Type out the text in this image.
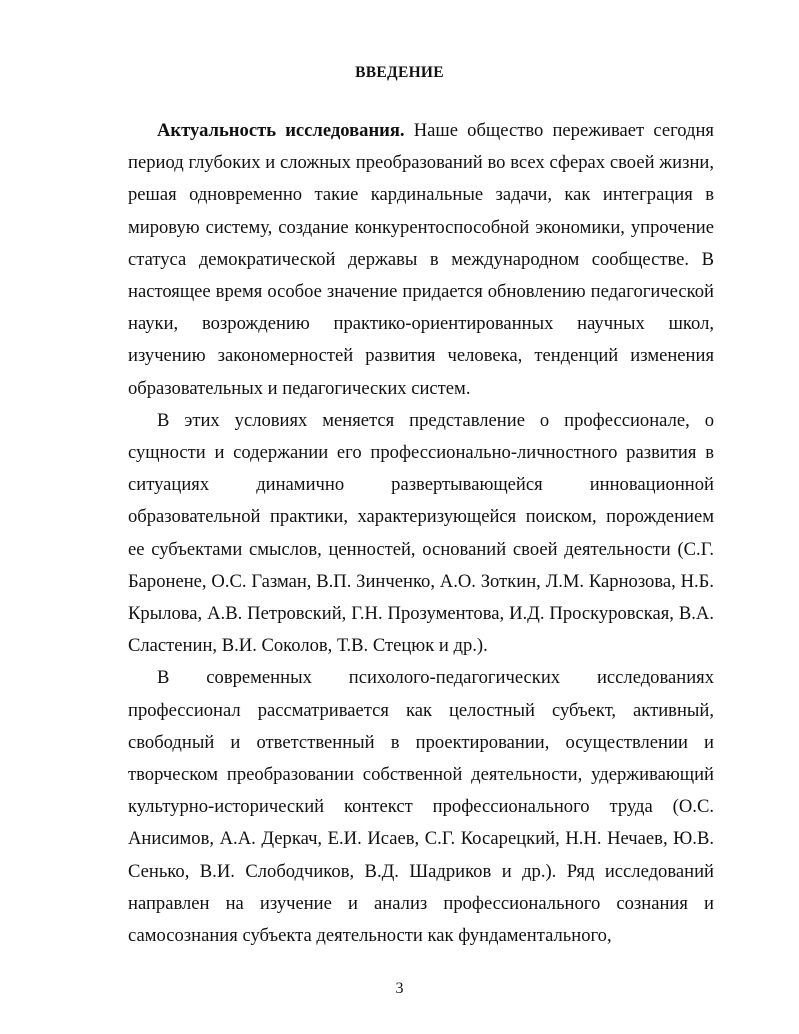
ВВЕДЕНИЕ

Актуальность исследования. Наше общество переживает сегодня период глубоких и сложных преобразований во всех сферах своей жизни, решая одновременно такие кардинальные задачи, как интеграция в мировую систему, создание конкурентоспособной экономики, упрочение статуса демократической державы в международном сообществе. В настоящее время особое значение придается обновлению педагогической науки, возрождению практико-ориентированных научных школ, изучению закономерностей развития человека, тенденций изменения образовательных и педагогических систем.

В этих условиях меняется представление о профессионале, о сущности и содержании его профессионально-личностного развития в ситуациях динамично развертывающейся инновационной образовательной практики, характеризующейся поиском, порождением ее субъектами смыслов, ценностей, оснований своей деятельности (С.Г. Баронене, О.С. Газман, В.П. Зинченко, А.О. Зоткин, Л.М. Карнозова, Н.Б. Крылова, А.В. Петровский, Г.Н. Прозументова, И.Д. Проскуровская, В.А. Сластенин, В.И. Соколов, Т.В. Стецюк и др.).

В современных психолого-педагогических исследованиях профессионал рассматривается как целостный субъект, активный, свободный и ответственный в проектировании, осуществлении и творческом преобразовании собственной деятельности, удерживающий культурно-исторический контекст профессионального труда (О.С. Анисимов, А.А. Деркач, Е.И. Исаев, С.Г. Косарецкий, Н.Н. Нечаев, Ю.В. Сенько, В.И. Слободчиков, В.Д. Шадриков и др.). Ряд исследований направлен на изучение и анализ профессионального сознания и самосознания субъекта деятельности как фундаментального,

3
